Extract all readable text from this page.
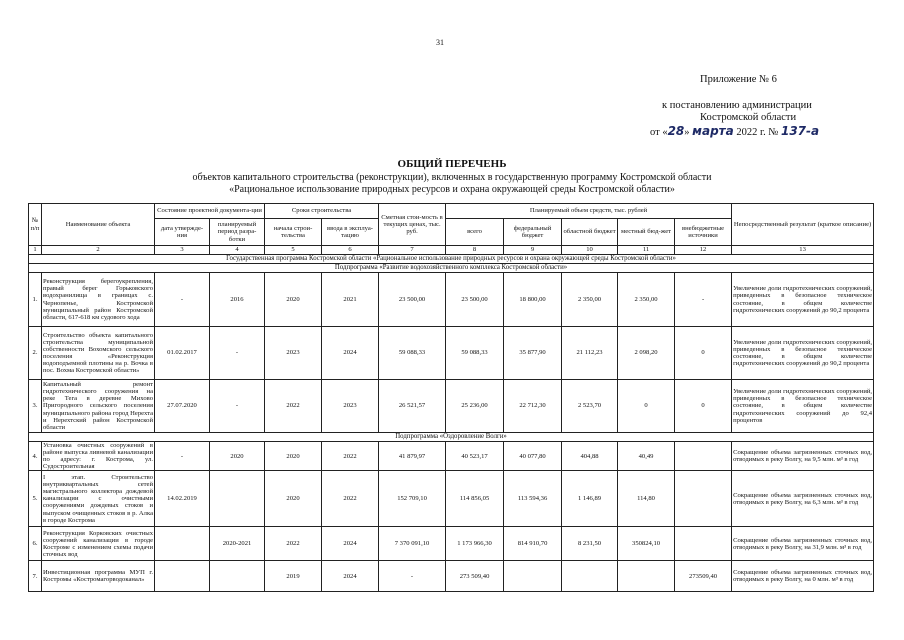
31
Приложение № 6
к постановлению администрации
Костромской области
от «28» марта 2022 г. № 137-а
ОБЩИЙ ПЕРЕЧЕНЬ
объектов капитального строительства (реконструкции), включенных в государственную программу Костромской области
«Рациональное использование природных ресурсов и охрана окружающей среды Костромской области»
№ п/п	Наименование объекта	Состояние проектной документа-ции		Сроки строительства		Сметная стои-мость в текущих ценах, тыс. руб.	Планируемый объем средств, тыс. рублей					Непосредственный результат (краткое описание)
		дата утвержде-ния	планируемый период разра-ботки	начала строи-тельства	ввода в эксплуа-тацию		всего	федеральный бюджет	областной бюджет	местный бюд-жет	внебюджетные источники	
1	2	3	4	5	6	7	8	9	10	11	12	13
Государственная программа Костромской области «Рациональное использование природных ресурсов и охрана окружающей среды Костромской области»												
Подпрограмма «Развитие водохозяйственного комплекса Костромской области»												
1.	Реконструкция берегоукрепления, правый берег Горьковского водохранилища в границах с. Чернопенье, Костромской муниципальный район Костромской области, 617-618 км судового хода	-	2016	2020	2021	23 500,00	23 500,00	18 800,00	2 350,00	2 350,00	-	Увеличение доли гидротехнических сооружений, приведенных в безопасное техническое состояние, в общем количестве гидротехнических сооружений до 90,2 процента
2.	Строительство объекта капитального строительства муниципальной собственности Вохомского сельского поселения «Реконструкция водоподъемной плотины на р. Вочка в пос. Вохма Костромской области»	01.02.2017	-	2023	2024	59 088,33	59 088,33	35 877,90	21 112,23	2 098,20	0	Увеличение доли гидротехнических сооружений, приведенных в безопасное техническое состояние, в общем количестве гидротехнических сооружений до 90,2 процента
3.	Капитальный ремонт гидротехнического сооружения на реке Тега в деревне Михово Пригородного сельского поселения муниципального района город Нерехта и Нерехтский район Костромской области	27.07.2020	-	2022	2023	26 521,57	25 236,00	22 712,30	2 523,70	0	0	Увеличение доли гидротехнических сооружений, приведенных в безопасное техническое состояние, в общем количестве гидротехнических сооружений до 92,4 процентов
Подпрограмма «Оздоровление Волги»												
4.	Установка очистных сооружений в районе выпуска ливневой канализации по адресу: г. Кострома, ул. Судостроительная	-	2020	2020	2022	41 879,97	40 523,17	40 077,80	404,88	40,49		Сокращение объема загрязненных сточных вод, отводимых в реку Волгу, на 9,5 млн. м³ в год
5.	I этап. Строительство внутриквартальных сетей магистрального коллектора дождевой канализации с очистными сооружениями дождевых стоков и выпуском очищенных стоков в р. Алка в городе Кострома	14.02.2019		2020	2022	152 709,10	114 856,05	113 594,36	1 146,89	114,80		Сокращение объема загрязненных сточных вод, отводимых в реку Волгу, на 6,3 млн. м³ в год
6.	Реконструкция Корковских очистных сооружений канализации в городе Костроме с изменением схемы подачи сточных вод		2020-2021	2022	2024	7 370 091,10	1 173 966,30	814 910,70	8 231,50	350824,10		Сокращение объема загрязненных сточных вод, отводимых в реку Волгу, на 31,9 млн. м³ в год
7.	Инвестиционная программа МУП г. Костромы «Костромагорводоканал»			2019	2024	-	273 509,40				273509,40	Сокращение объема загрязненных сточных вод, отводимых в реку Волгу, на 0 млн. м³ в год
